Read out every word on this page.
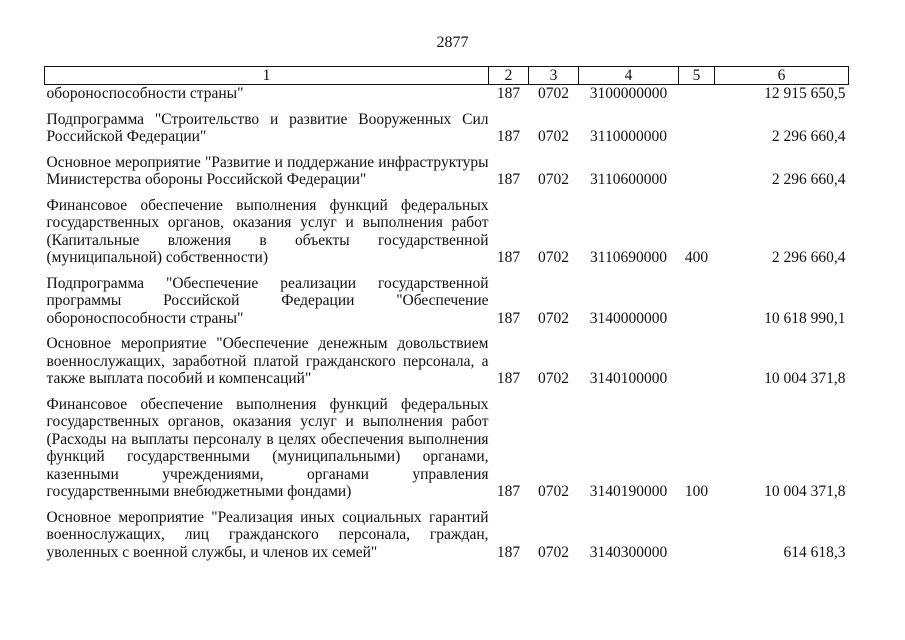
2877
1	2	3	4	5	6
обороноспособности страны"	187	0702	3100000000		12 915 650,5
Подпрограмма "Строительство и развитие Вооруженных Сил Российской Федерации"	187	0702	3110000000		2 296 660,4
Основное мероприятие "Развитие и поддержание инфраструктуры Министерства обороны Российской Федерации"	187	0702	3110600000		2 296 660,4
Финансовое обеспечение выполнения функций федеральных государственных органов, оказания услуг и выполнения работ (Капитальные вложения в объекты государственной (муниципальной) собственности)	187	0702	3110690000	400	2 296 660,4
Подпрограмма "Обеспечение реализации государственной программы Российской Федерации "Обеспечение обороноспособности страны"	187	0702	3140000000		10 618 990,1
Основное мероприятие "Обеспечение денежным довольствием военнослужащих, заработной платой гражданского персонала, а также выплата пособий и компенсаций"	187	0702	3140100000		10 004 371,8
Финансовое обеспечение выполнения функций федеральных государственных органов, оказания услуг и выполнения работ (Расходы на выплаты персоналу в целях обеспечения выполнения функций государственными (муниципальными) органами, казенными учреждениями, органами управления государственными внебюджетными фондами)	187	0702	3140190000	100	10 004 371,8
Основное мероприятие "Реализация иных социальных гарантий военнослужащих, лиц гражданского персонала, граждан, уволенных с военной службы, и членов их семей"	187	0702	3140300000		614 618,3
